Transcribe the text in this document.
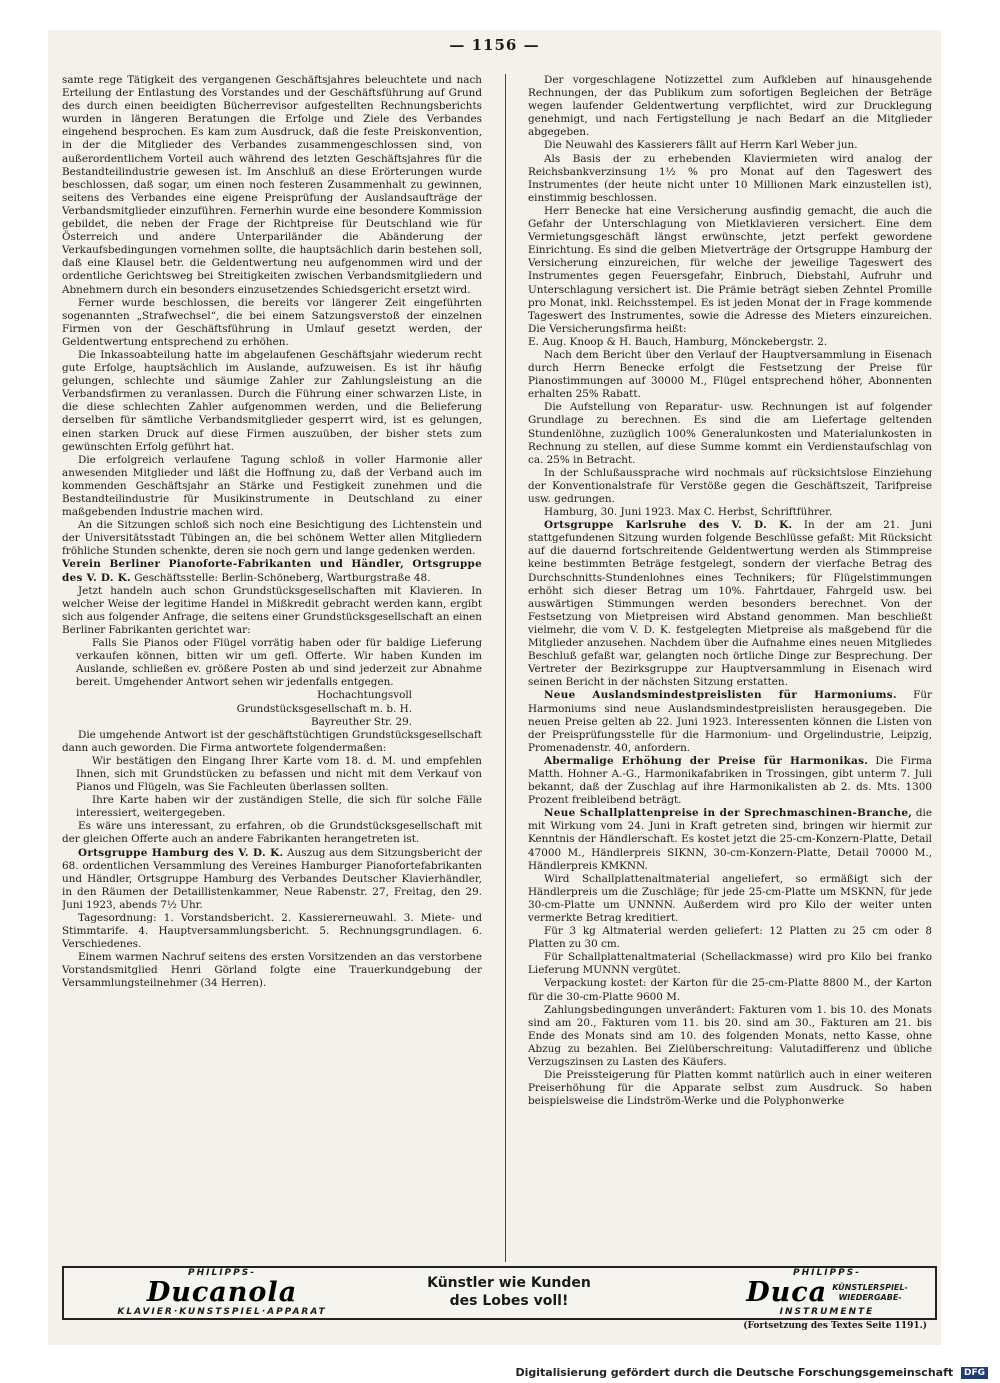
— 1156 —

samte rege Tätigkeit des vergangenen Geschäftsjahres beleuchtete und nach Erteilung der Entlastung des Vorstandes und der Geschäftsführung auf Grund des durch einen beeidigten Bücherrevisor aufgestellten Rechnungsberichts wurden in längeren Beratungen die Erfolge und Ziele des Verbandes eingehend besprochen. Es kam zum Ausdruck, daß die feste Preiskonvention, in der die Mitglieder des Verbandes zusammengeschlossen sind, von außerordentlichem Vorteil auch während des letzten Geschäftsjahres für die Bestandteilindustrie gewesen ist. Im Anschluß an diese Erörterungen wurde beschlossen, daß sogar, um einen noch festeren Zusammenhalt zu gewinnen, seitens des Verbandes eine eigene Preisprüfung der Auslandsaufträge der Verbandsmitglieder einzuführen. Fernerhin wurde eine besondere Kommission gebildet, die neben der Frage der Richtpreise für Deutschland wie für Österreich und andere Unterpariländer die Abänderung der Verkaufsbedingungen vornehmen sollte, die hauptsächlich darin bestehen soll, daß eine Klausel betr. die Geldentwertung neu aufgenommen wird und der ordentliche Gerichtsweg bei Streitigkeiten zwischen Verbandsmitgliedern und Abnehmern durch ein besonders einzusetzendes Schiedsgericht ersetzt wird.

Ferner wurde beschlossen, die bereits vor längerer Zeit eingeführten sogenannten „Strafwechsel“, die bei einem Satzungsverstoß der einzelnen Firmen von der Geschäftsführung in Umlauf gesetzt werden, der Geldentwertung entsprechend zu erhöhen.

Die Inkassoabteilung hatte im abgelaufenen Geschäftsjahr wiederum recht gute Erfolge, hauptsächlich im Auslande, aufzuweisen. Es ist ihr häufig gelungen, schlechte und säumige Zahler zur Zahlungsleistung an die Verbandsfirmen zu veranlassen. Durch die Führung einer schwarzen Liste, in die diese schlechten Zahler aufgenommen werden, und die Belieferung derselben für sämtliche Verbandsmitglieder gesperrt wird, ist es gelungen, einen starken Druck auf diese Firmen auszuüben, der bisher stets zum gewünschten Erfolg geführt hat.

Die erfolgreich verlaufene Tagung schloß in voller Harmonie aller anwesenden Mitglieder und läßt die Hoffnung zu, daß der Verband auch im kommenden Geschäftsjahr an Stärke und Festigkeit zunehmen und die Bestandteilindustrie für Musikinstrumente in Deutschland zu einer maßgebenden Industrie machen wird.

An die Sitzungen schloß sich noch eine Besichtigung des Lichtenstein und der Universitätsstadt Tübingen an, die bei schönem Wetter allen Mitgliedern fröhliche Stunden schenkte, deren sie noch gern und lange gedenken werden.

Verein Berliner Pianoforte-Fabrikanten und Händler, Ortsgruppe des V. D. K. Geschäftsstelle: Berlin-Schöneberg, Wartburgstraße 48.

Jetzt handeln auch schon Grundstücksgesellschaften mit Klavieren. In welcher Weise der legitime Handel in Mißkredit gebracht werden kann, ergibt sich aus folgender Anfrage, die seitens einer Grundstücksgesellschaft an einen Berliner Fabrikanten gerichtet war:

Falls Sie Pianos oder Flügel vorrätig haben oder für baldige Lieferung verkaufen können, bitten wir um gefl. Offerte. Wir haben Kunden im Auslande, schließen ev. größere Posten ab und sind jederzeit zur Abnahme bereit. Umgehender Antwort sehen wir jedenfalls entgegen.

Hochachtungsvoll

Grundstücksgesellschaft m. b. H.

Bayreuther Str. 29.

Die umgehende Antwort ist der geschäftstüchtigen Grundstücksgesellschaft dann auch geworden. Die Firma antwortete folgendermaßen:

Wir bestätigen den Eingang Ihrer Karte vom 18. d. M. und empfehlen Ihnen, sich mit Grundstücken zu befassen und nicht mit dem Verkauf von Pianos und Flügeln, was Sie Fachleuten überlassen sollten.

Ihre Karte haben wir der zuständigen Stelle, die sich für solche Fälle interessiert, weitergegeben.

Es wäre uns interessant, zu erfahren, ob die Grundstücksgesellschaft mit der gleichen Offerte auch an andere Fabrikanten herangetreten ist.

Ortsgruppe Hamburg des V. D. K. Auszug aus dem Sitzungsbericht der 68. ordentlichen Versammlung des Vereines Hamburger Pianofortefabrikanten und Händler, Ortsgruppe Hamburg des Verbandes Deutscher Klavierhändler, in den Räumen der Detaillistenkammer, Neue Rabenstr. 27, Freitag, den 29. Juni 1923, abends 7½ Uhr.

Tagesordnung: 1. Vorstandsbericht. 2. Kassiererneuwahl. 3. Miete- und Stimmtarife. 4. Hauptversammlungsbericht. 5. Rechnungsgrundlagen. 6. Verschiedenes.

Einem warmen Nachruf seitens des ersten Vorsitzenden an das verstorbene Vorstandsmitglied Henri Görland folgte eine Trauerkundgebung der Versammlungsteilnehmer (34 Herren).

Der vorgeschlagene Notizzettel zum Aufkleben auf hinausgehende Rechnungen, der das Publikum zum sofortigen Begleichen der Beträge wegen laufender Geldentwertung verpflichtet, wird zur Drucklegung genehmigt, und nach Fertigstellung je nach Bedarf an die Mitglieder abgegeben.

Die Neuwahl des Kassierers fällt auf Herrn Karl Weber jun.

Als Basis der zu erhebenden Klaviermieten wird analog der Reichsbankverzinsung 1½ % pro Monat auf den Tageswert des Instrumentes (der heute nicht unter 10 Millionen Mark einzustellen ist), einstimmig beschlossen.

Herr Benecke hat eine Versicherung ausfindig gemacht, die auch die Gefahr der Unterschlagung von Mietklavieren versichert. Eine dem Vermietungsgeschäft längst erwünschte, jetzt perfekt gewordene Einrichtung. Es sind die gelben Mietverträge der Ortsgruppe Hamburg der Versicherung einzureichen, für welche der jeweilige Tageswert des Instrumentes gegen Feuersgefahr, Einbruch, Diebstahl, Aufruhr und Unterschlagung versichert ist. Die Prämie beträgt sieben Zehntel Promille pro Monat, inkl. Reichsstempel. Es ist jeden Monat der in Frage kommende Tageswert des Instrumentes, sowie die Adresse des Mieters einzureichen. Die Versicherungsfirma heißt:

E. Aug. Knoop & H. Bauch, Hamburg, Mönckebergstr. 2.

Nach dem Bericht über den Verlauf der Hauptversammlung in Eisenach durch Herrn Benecke erfolgt die Festsetzung der Preise für Pianostimmungen auf 30000 M., Flügel entsprechend höher, Abonnenten erhalten 25% Rabatt.

Die Aufstellung von Reparatur- usw. Rechnungen ist auf folgender Grundlage zu berechnen. Es sind die am Liefertage geltenden Stundenlöhne, zuzüglich 100% Generalunkosten und Materialunkosten in Rechnung zu stellen, auf diese Summe kommt ein Verdienstaufschlag von ca. 25% in Betracht.

In der Schlußaussprache wird nochmals auf rücksichtslose Einziehung der Konventionalstrafe für Verstöße gegen die Geschäftszeit, Tarifpreise usw. gedrungen.

Hamburg, 30. Juni 1923. Max C. Herbst, Schriftführer.

Ortsgruppe Karlsruhe des V. D. K. In der am 21. Juni stattgefundenen Sitzung wurden folgende Beschlüsse gefaßt: Mit Rücksicht auf die dauernd fortschreitende Geldentwertung werden als Stimmpreise keine bestimmten Beträge festgelegt, sondern der vierfache Betrag des Durchschnitts-Stundenlohnes eines Technikers; für Flügelstimmungen erhöht sich dieser Betrag um 10%. Fahrtdauer, Fahrgeld usw. bei auswärtigen Stimmungen werden besonders berechnet. Von der Festsetzung von Mietpreisen wird Abstand genommen. Man beschließt vielmehr, die vom V. D. K. festgelegten Mietpreise als maßgebend für die Mitglieder anzusehen. Nachdem über die Aufnahme eines neuen Mitgliedes Beschluß gefaßt war, gelangten noch örtliche Dinge zur Besprechung. Der Vertreter der Bezirksgruppe zur Hauptversammlung in Eisenach wird seinen Bericht in der nächsten Sitzung erstatten.

Neue Auslandsmindestpreislisten für Harmoniums. Für Harmoniums sind neue Auslandsmindestpreislisten herausgegeben. Die neuen Preise gelten ab 22. Juni 1923. Interessenten können die Listen von der Preisprüfungsstelle für die Harmonium- und Orgelindustrie, Leipzig, Promenadenstr. 40, anfordern.

Abermalige Erhöhung der Preise für Harmonikas. Die Firma Matth. Hohner A.-G., Harmonikafabriken in Trossingen, gibt unterm 7. Juli bekannt, daß der Zuschlag auf ihre Harmonikalisten ab 2. ds. Mts. 1300 Prozent freibleibend beträgt.

Neue Schallplattenpreise in der Sprechmaschinen-Branche, die mit Wirkung vom 24. Juni in Kraft getreten sind, bringen wir hiermit zur Kenntnis der Händlerschaft. Es kostet jetzt die 25-cm-Konzern-Platte, Detail 47000 M., Händlerpreis SIKNN, 30-cm-Konzern-Platte, Detail 70000 M., Händlerpreis KMKNN.

Wird Schallplattenaltmaterial angeliefert, so ermäßigt sich der Händlerpreis um die Zuschläge; für jede 25-cm-Platte um MSKNN, für jede 30-cm-Platte um UNNNN. Außerdem wird pro Kilo der weiter unten vermerkte Betrag kreditiert.

Für 3 kg Altmaterial werden geliefert: 12 Platten zu 25 cm oder 8 Platten zu 30 cm.

Für Schallplattenaltmaterial (Schellackmasse) wird pro Kilo bei franko Lieferung MUNNN vergütet.

Verpackung kostet: der Karton für die 25-cm-Platte 8800 M., der Karton für die 30-cm-Platte 9600 M.

Zahlungsbedingungen unverändert: Fakturen vom 1. bis 10. des Monats sind am 20., Fakturen vom 11. bis 20. sind am 30., Fakturen am 21. bis Ende des Monats sind am 10. des folgenden Monats, netto Kasse, ohne Abzug zu bezahlen. Bei Zielüberschreitung: Valutadifferenz und übliche Verzugszinsen zu Lasten des Käufers.

Die Preissteigerung für Platten kommt natürlich auch in einer weiteren Preiserhöhung für die Apparate selbst zum Ausdruck. So haben beispielsweise die Lindström-Werke und die Polyphonwerke

PHILIPPS-
Ducanola
KLAVIER·KUNSTSPIEL·APPARAT
Künstler wie Kunden
des Lobes voll!
PHILIPPS-
Duca KÜNSTLERSPIEL-
WIEDERGABE-
INSTRUMENTE
(Fortsetzung des Textes Seite 1191.)
Digitalisierung gefördert durch die Deutsche Forschungsgemeinschaft DFG
